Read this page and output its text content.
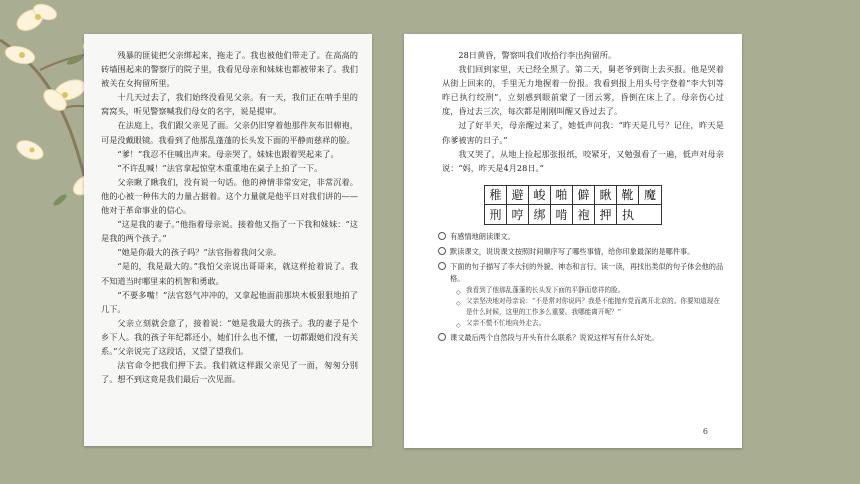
残暴的匪徒把父亲绑起来，拖走了。我也被他们带走了。在高高的砖墙围起来的警察厅的院子里，我看见母亲和妹妹也都被带来了。我们被关在女拘留所里。

十几天过去了，我们始终没看见父亲。有一天，我们正在啃手里的窝窝头，听见警察喊我们母女的名字，说是提审。

在法庭上，我们跟父亲见了面。父亲仍旧穿着他那件灰布旧棉袍，可是没戴眼镜。我看到了他那乱蓬蓬的长头发下面的平静而慈祥的脸。

“爹！”我忍不住喊出声来。母亲哭了，妹妹也跟着哭起来了。

“不许乱喊！”法官拿起惊堂木重重地在桌子上拍了一下。

父亲瞅了瞅我们，没有说一句话。他的神情非常安定，非常沉着。他的心被一种伟大的力量占据着。这个力量就是他平日对我们讲的——他对于革命事业的信心。

“这是我的妻子。”他指着母亲说。接着他又指了一下我和妹妹：“这是我的两个孩子。”

“她是你最大的孩子吗？”法官指着我问父亲。

“是的，我是最大的。”我怕父亲说出哥哥来，就这样抢着说了。我不知道当时哪里来的机智和勇敢。

“不要多嘴！”法官怒气冲冲的，又拿起他面前那块木板狠狠地拍了几下。

父亲立刻就会意了，接着说：“她是我最大的孩子。我的妻子是个乡下人。我的孩子年纪都还小，她们什么也不懂，一切都跟她们没有关系。”父亲说完了这段话，又望了望我们。

法官命令把我们押下去。我们就这样跟父亲见了一面，匆匆分别了。想不到这竟是我们最后一次见面。

28日黄昏，警察叫我们收拾行李出拘留所。

我们回到家里，天已经全黑了。第二天，舅老爷到街上去买报。他是哭着从街上回来的，手里无力地握着一份报。我看到报上用头号字登着“李大钊等昨已执行绞刑”，立刻感到眼前蒙了一团云雾，昏倒在床上了。母亲伤心过度，昏过去三次，每次都是刚刚叫醒又昏过去了。

过了好半天，母亲醒过来了，她低声问我：“昨天是几号？记住，昨天是你爹被害的日子。”

我又哭了，从地上捡起那张报纸，咬紧牙，又勉强看了一遍，低声对母亲说：“妈，昨天是4月28日。”

稚 避 峻 啪 僻 瞅 靴 魔
刑 哼 绑 啃 袍 押 执
有感情地朗读课文。
默读课文，说说课文按照时间顺序写了哪些事情，给你印象最深的是哪件事。
下面的句子描写了李大钊的外貌、神态和言行，读一读，再找出类似的句子体会他的品格。
◇ 我看到了他那乱蓬蓬的长头发下面的平静而慈祥的脸。
◇ 父亲坚决地对母亲说：“不是常对你说吗？我是不能抛弃党而离开北京的。你要知道现在是什么时候，这里的工作多么重要。我哪能离开呢？”
◇ 父亲不慌不忙地向外走去。
课文最后两个自然段与开头有什么联系？说说这样写有什么好处。
6
